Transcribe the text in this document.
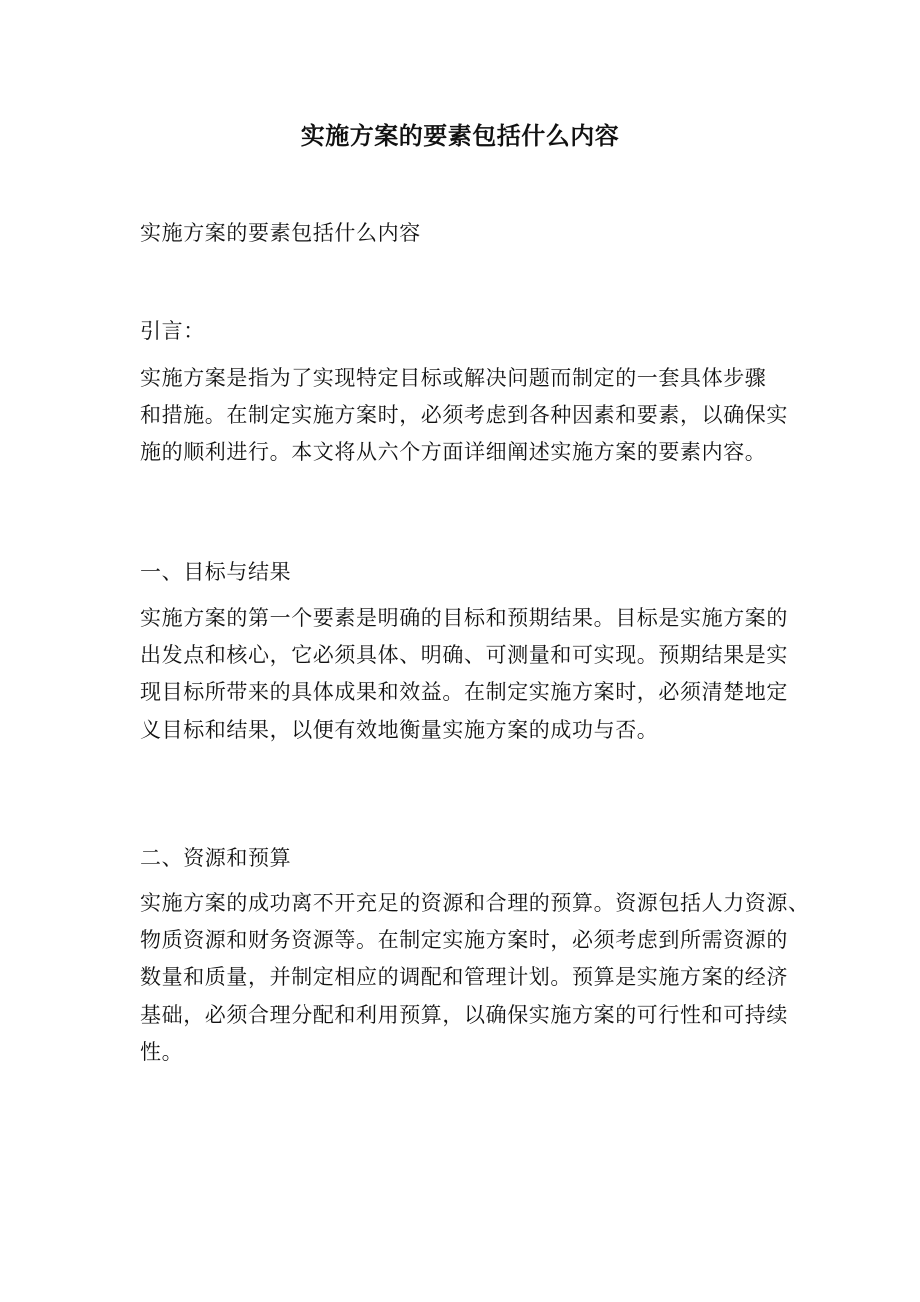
实施方案的要素包括什么内容
实施方案的要素包括什么内容
引言：
实施方案是指为了实现特定目标或解决问题而制定的一套具体步骤
和措施。在制定实施方案时，必须考虑到各种因素和要素，以确保实
施的顺利进行。本文将从六个方面详细阐述实施方案的要素内容。
一、目标与结果
实施方案的第一个要素是明确的目标和预期结果。目标是实施方案的
出发点和核心，它必须具体、明确、可测量和可实现。预期结果是实
现目标所带来的具体成果和效益。在制定实施方案时，必须清楚地定
义目标和结果，以便有效地衡量实施方案的成功与否。
二、资源和预算
实施方案的成功离不开充足的资源和合理的预算。资源包括人力资源、
物质资源和财务资源等。在制定实施方案时，必须考虑到所需资源的
数量和质量，并制定相应的调配和管理计划。预算是实施方案的经济
基础，必须合理分配和利用预算，以确保实施方案的可行性和可持续
性。
